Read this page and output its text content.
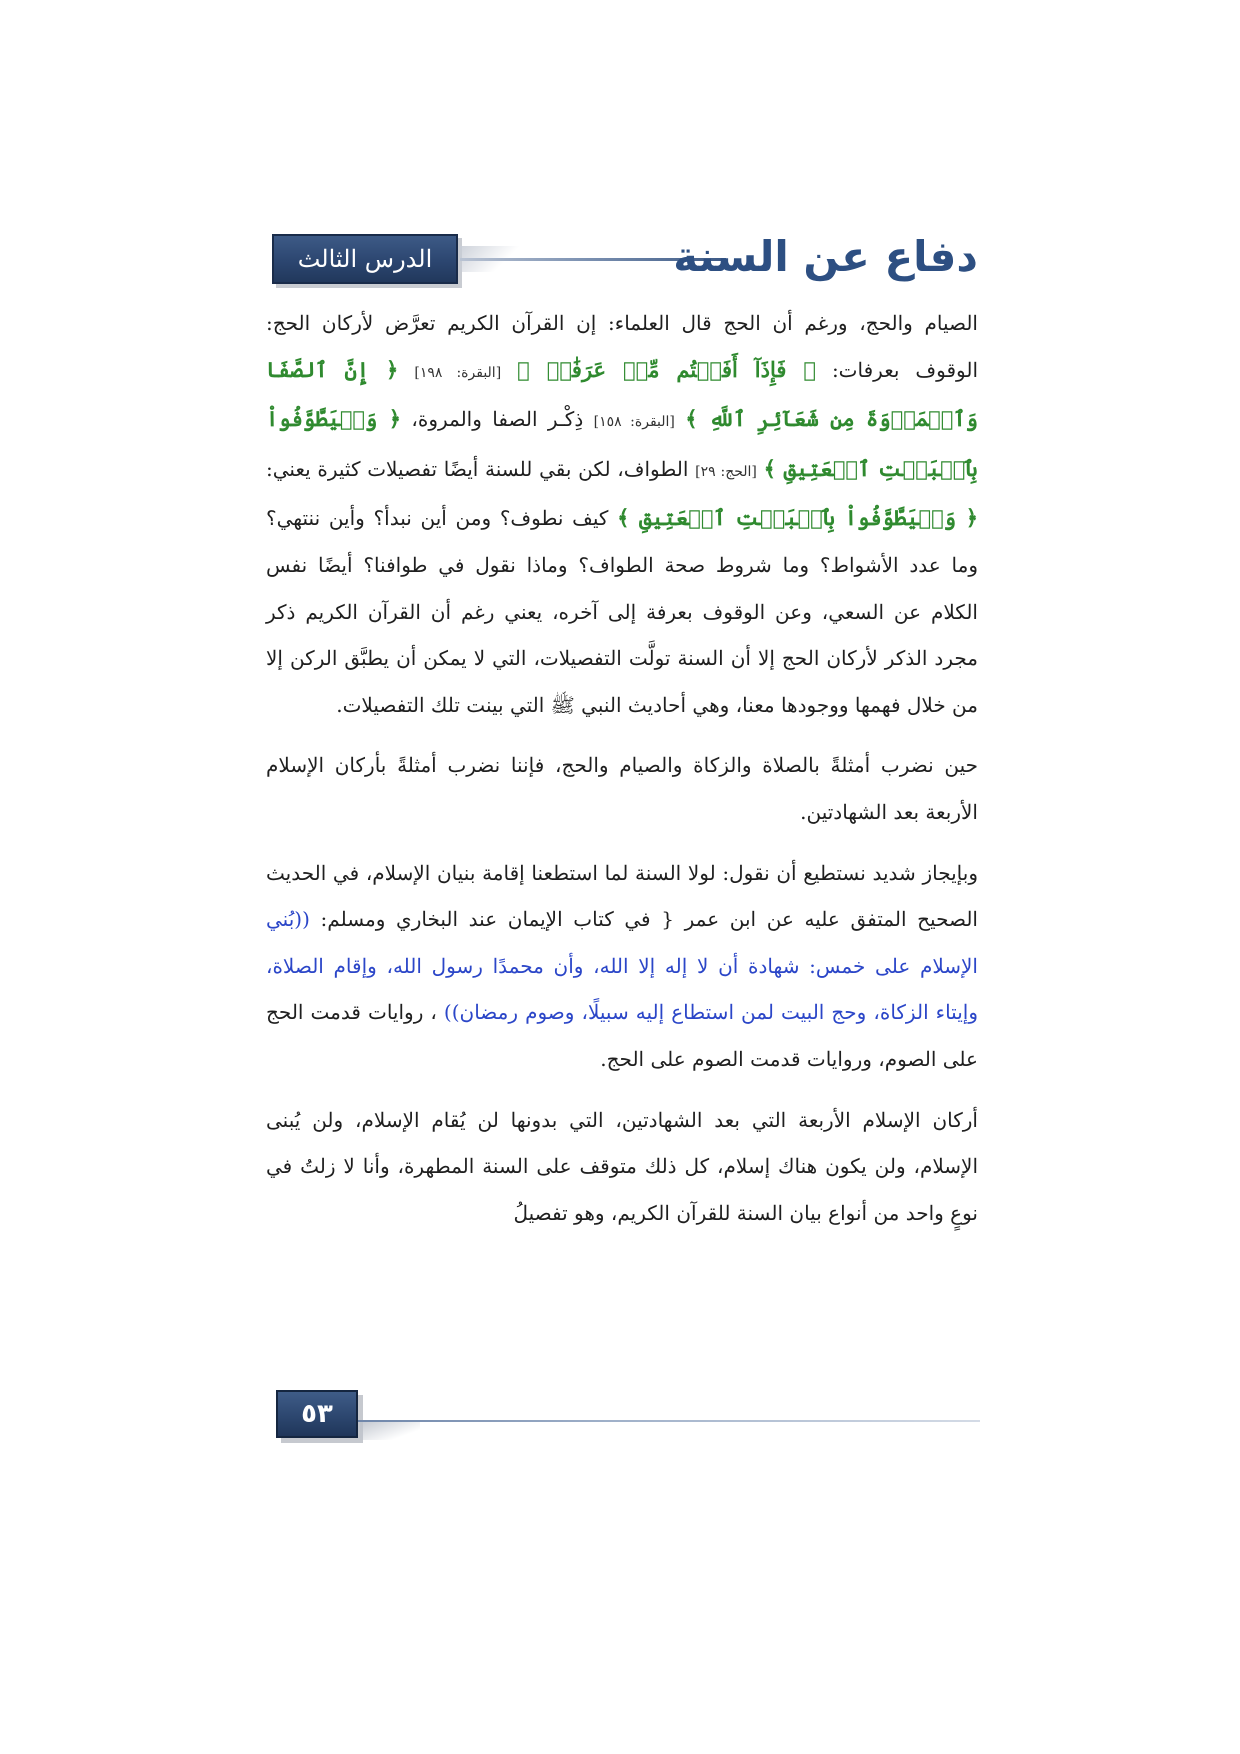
الدرس الثالث	دفاع عن السنة

الصيام والحج، ورغم أن الحج قال العلماء: إن القرآن الكريم تعرَّض لأركان الحج: الوقوف بعرفات: ﴿ فَإِذَآ أَفَضۡتُم مِّنۡ عَرَفَٰتٖ ﴾ [البقرة: ١٩٨] ﴿ إِنَّ ٱلصَّفَا وَٱلۡمَرۡوَةَ مِن شَعَآئِرِ ٱللَّهِ ﴾ [البقرة: ١٥٨] ذِكْـر الصفا والمروة، ﴿ وَلۡيَطَّوَّفُواْ بِٱلۡبَيۡتِ ٱلۡعَتِيقِ ﴾ [الحج: ٢٩] الطواف، لكن بقي للسنة أيضًا تفصيلات كثيرة يعني: ﴿ وَلۡيَطَّوَّفُواْ بِٱلۡبَيۡتِ ٱلۡعَتِيقِ ﴾ كيف نطوف؟ ومن أين نبدأ؟ وأين ننتهي؟ وما عدد الأشواط؟ وما شروط صحة الطواف؟ وماذا نقول في طوافنا؟ أيضًا نفس الكلام عن السعي، وعن الوقوف بعرفة إلى آخره، يعني رغم أن القرآن الكريم ذكر مجرد الذكر لأركان الحج إلا أن السنة تولَّت التفصيلات، التي لا يمكن أن يطبَّق الركن إلا من خلال فهمها ووجودها معنا، وهي أحاديث النبي ﷺ التي بينت تلك التفصيلات.

حين نضرب أمثلةً بالصلاة والزكاة والصيام والحج، فإننا نضرب أمثلةً بأركان الإسلام الأربعة بعد الشهادتين.

وبإيجاز شديد نستطيع أن نقول: لولا السنة لما استطعنا إقامة بنيان الإسلام، في الحديث الصحيح المتفق عليه عن ابن عمر { في كتاب الإيمان عند البخاري ومسلم: ((بُني الإسلام على خمس: شهادة أن لا إله إلا الله، وأن محمدًا رسول الله، وإقام الصلاة، وإيتاء الزكاة، وحج البيت لمن استطاع إليه سبيلًا، وصوم رمضان)) ، روايات قدمت الحج على الصوم، وروايات قدمت الصوم على الحج.

أركان الإسلام الأربعة التي بعد الشهادتين، التي بدونها لن يُقام الإسلام، ولن يُبنى الإسلام، ولن يكون هناك إسلام، كل ذلك متوقف على السنة المطهرة، وأنا لا زلتُ في نوعٍ واحد من أنواع بيان السنة للقرآن الكريم، وهو تفصيلُ

٥٣
